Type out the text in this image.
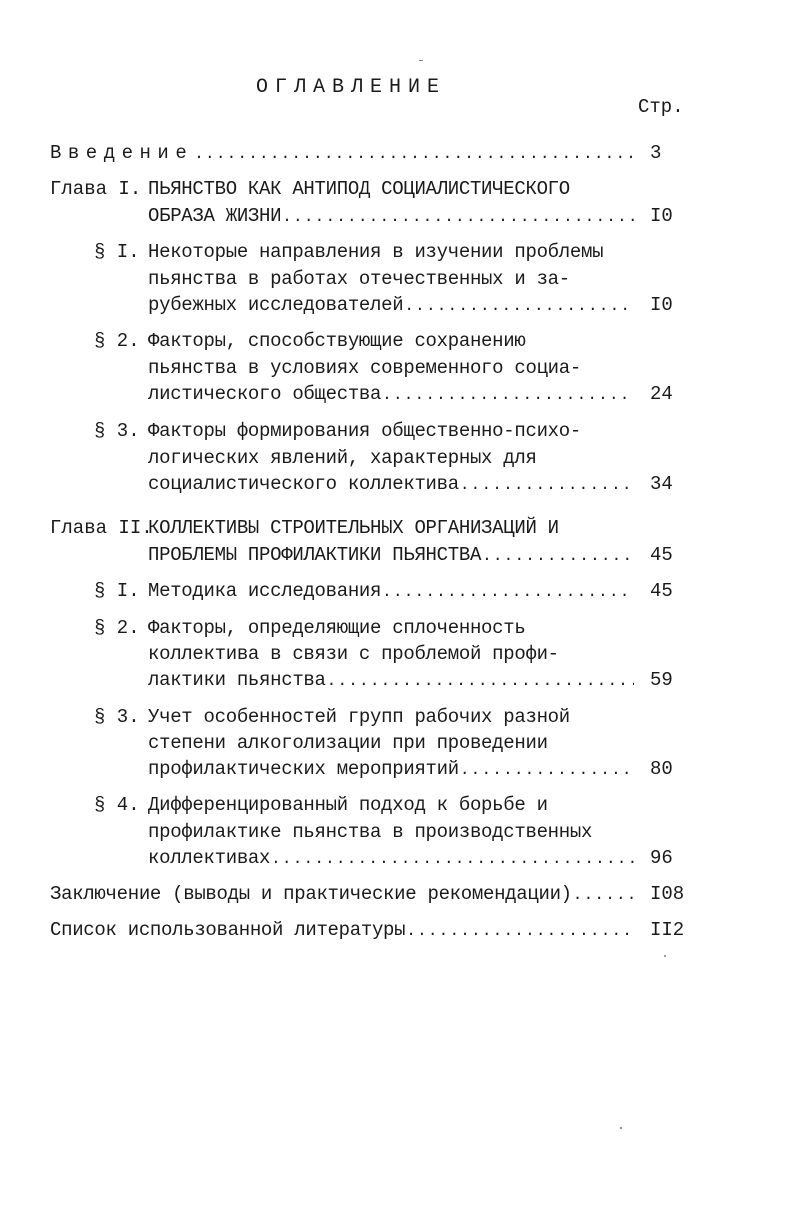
ОГЛАВЛЕНИЕ
Стр.
Введение .....	3
Глава I. ПЬЯНСТВО КАК АНТИПОД СОЦИАЛИСТИЧЕСКОГО
ОБРАЗА ЖИЗНИ .....	I0
§ I. Некоторые направления в изучении проблемы
пьянства в работах отечественных и за-
рубежных исследователей .....	I0
§ 2. Факторы, способствующие сохранению
пьянства в условиях современного социа-
листического общества .....	24
§ 3. Факторы формирования общественно-психо-
логических явлений, характерных для
социалистического коллектива .....	34
Глава II.
КОЛЛЕКТИВЫ СТРОИТЕЛЬНЫХ ОРГАНИЗАЦИЙ И
ПРОБЛЕМЫ ПРОФИЛАКТИКИ ПЬЯНСТВА .....	45
§ I. Методика исследования .....	45
§ 2. Факторы, определяющие сплоченность
коллектива в связи с проблемой профи-
лактики пьянства .....	59
§ 3. Учет особенностей групп рабочих разной
степени алкоголизации при проведении
профилактических мероприятий .....	80
§ 4. Дифференцированный подход к борьбе и
профилактике пьянства в производственных
коллективах .....	96
Заключение (выводы и практические рекомендации) .....	I08
Список использованной литературы .....	II2
